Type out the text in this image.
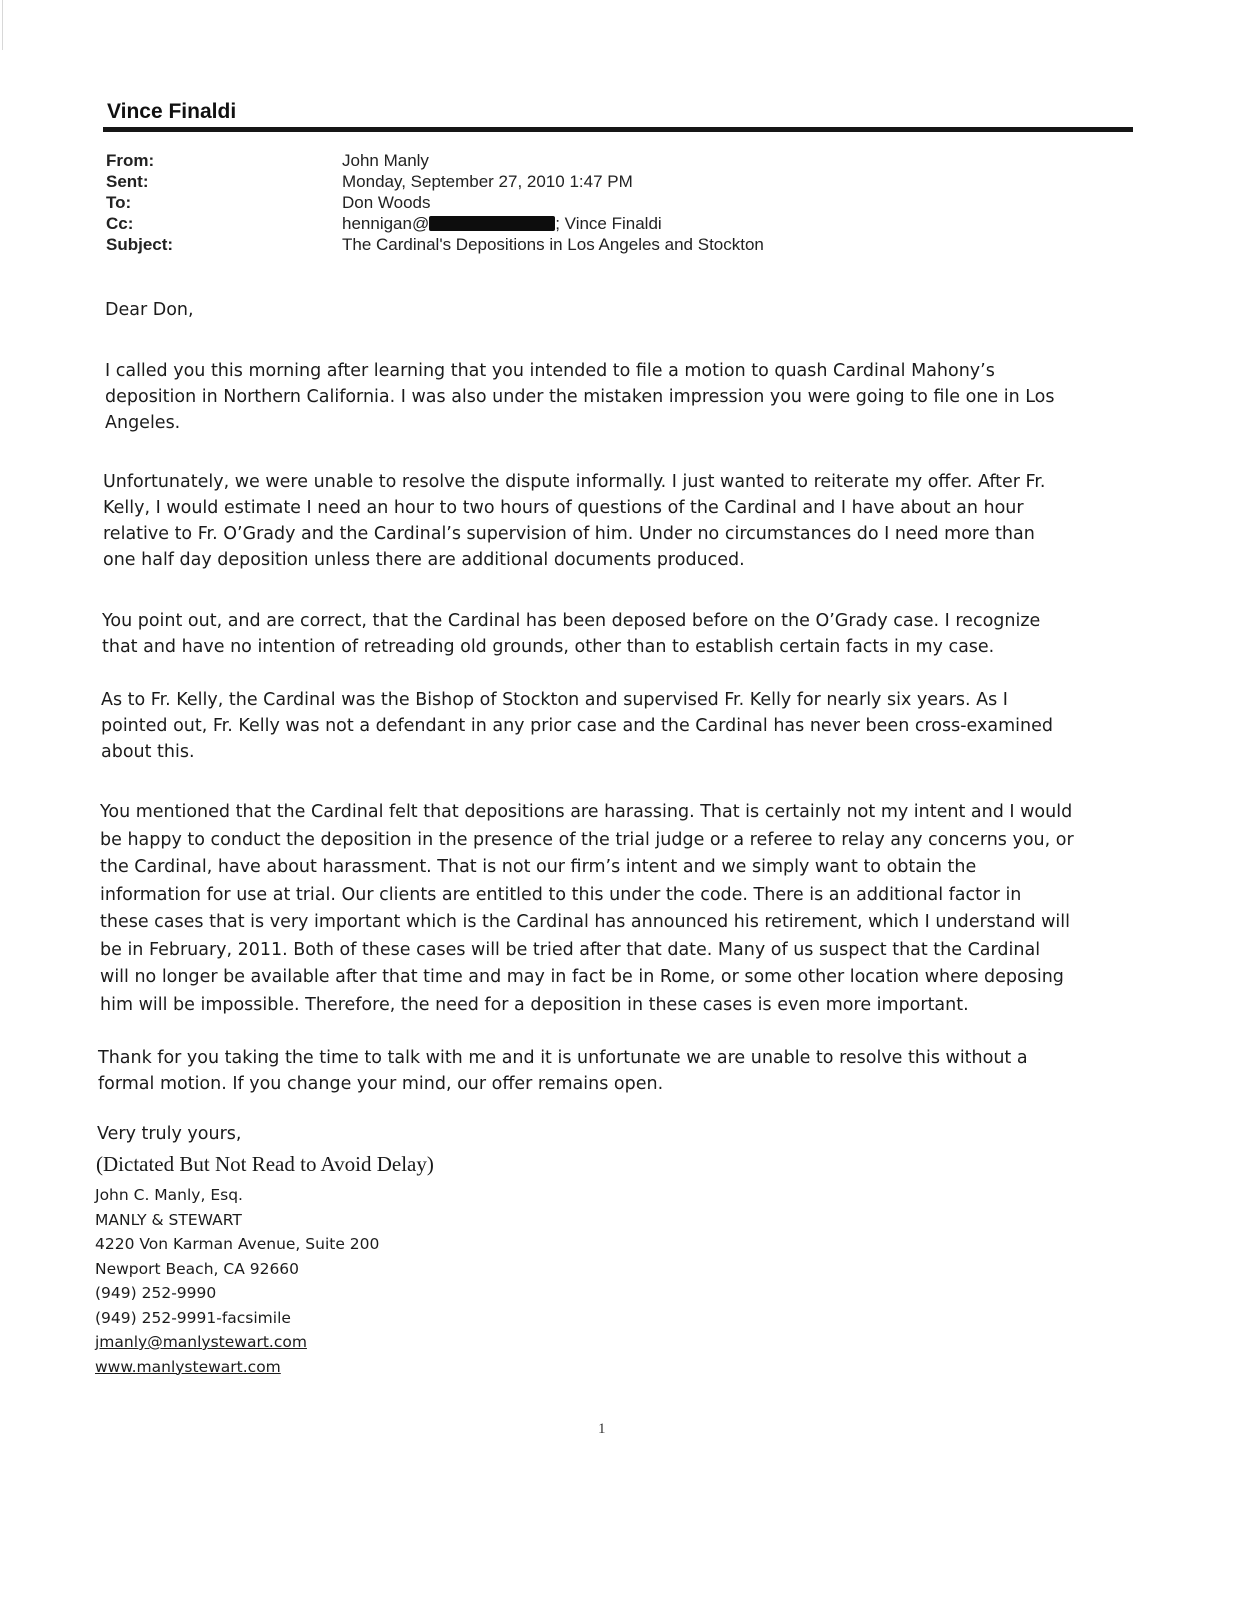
Vince Finaldi
From:	John Manly
Sent:	Monday, September 27, 2010 1:47 PM
To:	Don Woods
Cc:	hennigan@	; Vince Finaldi
Subject:	The Cardinal's Depositions in Los Angeles and Stockton
Dear Don,
I called you this morning after learning that you intended to file a motion to quash Cardinal Mahony’s
deposition in Northern California. I was also under the mistaken impression you were going to file one in Los
Angeles.
Unfortunately, we were unable to resolve the dispute informally. I just wanted to reiterate my offer. After Fr.
Kelly, I would estimate I need an hour to two hours of questions of the Cardinal and I have about an hour
relative to Fr. O’Grady and the Cardinal’s supervision of him. Under no circumstances do I need more than
one half day deposition unless there are additional documents produced.
You point out, and are correct, that the Cardinal has been deposed before on the O’Grady case. I recognize
that and have no intention of retreading old grounds, other than to establish certain facts in my case.
As to Fr. Kelly, the Cardinal was the Bishop of Stockton and supervised Fr. Kelly for nearly six years. As I
pointed out, Fr. Kelly was not a defendant in any prior case and the Cardinal has never been cross-examined
about this.
You mentioned that the Cardinal felt that depositions are harassing. That is certainly not my intent and I would
be happy to conduct the deposition in the presence of the trial judge or a referee to relay any concerns you, or
the Cardinal, have about harassment. That is not our firm’s intent and we simply want to obtain the
information for use at trial. Our clients are entitled to this under the code. There is an additional factor in
these cases that is very important which is the Cardinal has announced his retirement, which I understand will
be in February, 2011. Both of these cases will be tried after that date. Many of us suspect that the Cardinal
will no longer be available after that time and may in fact be in Rome, or some other location where deposing
him will be impossible. Therefore, the need for a deposition in these cases is even more important.
Thank for you taking the time to talk with me and it is unfortunate we are unable to resolve this without a
formal motion. If you change your mind, our offer remains open.
Very truly yours,
(Dictated But Not Read to Avoid Delay)
John C. Manly, Esq.
MANLY & STEWART
4220 Von Karman Avenue, Suite 200
Newport Beach, CA 92660
(949) 252-9990
(949) 252-9991-facsimile
jmanly@manlystewart.com
www.manlystewart.com
1
